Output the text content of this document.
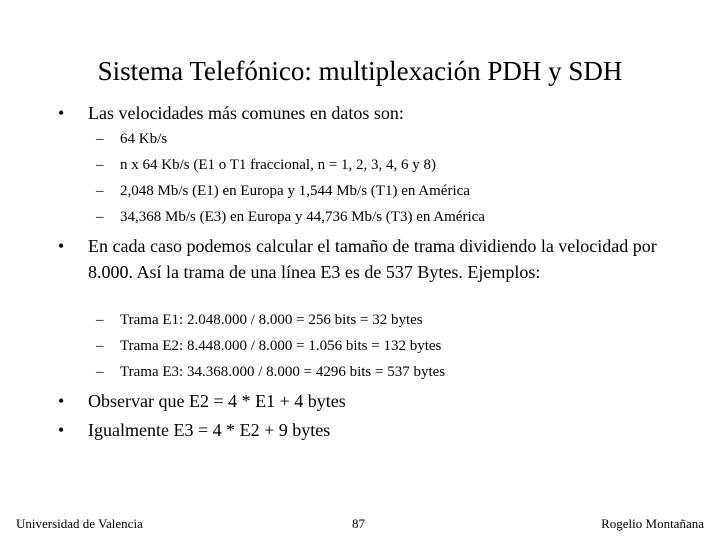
Sistema Telefónico: multiplexación PDH y SDH
•	Las velocidades más comunes en datos son:
–	64 Kb/s
–	n x 64 Kb/s (E1 o T1 fraccional, n = 1, 2, 3, 4, 6 y 8)
–	2,048 Mb/s (E1) en Europa y 1,544 Mb/s (T1) en América
–	34,368 Mb/s (E3) en Europa y 44,736 Mb/s (T3) en América
•	En cada caso podemos calcular el tamaño de trama dividiendo la velocidad por 8.000. Así la trama de una línea E3 es de 537 Bytes. Ejemplos:
–	Trama E1: 2.048.000 / 8.000 = 256 bits = 32 bytes
–	Trama E2: 8.448.000 / 8.000 = 1.056 bits = 132 bytes
–	Trama E3: 34.368.000 / 8.000 = 4296 bits = 537 bytes
•	Observar que E2 = 4 * E1 + 4 bytes
•	Igualmente E3 = 4 * E2 + 9 bytes
Universidad de Valencia	87	Rogelio Montañana
